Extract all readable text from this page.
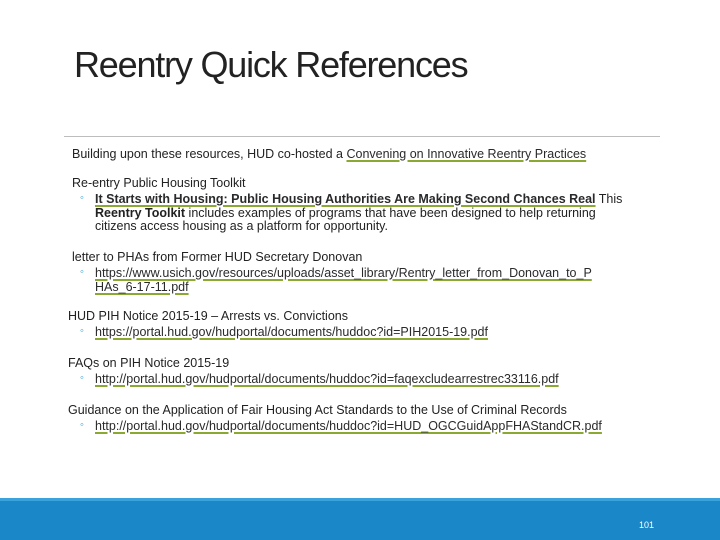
Reentry Quick References
Building upon these resources, HUD co-hosted a Convening on Innovative Reentry Practices
Re-entry Public Housing Toolkit
◦ It Starts with Housing: Public Housing Authorities Are Making Second Chances Real This
Reentry Toolkit includes examples of programs that have been designed to help returning
citizens access housing as a platform for opportunity.
letter to PHAs from Former HUD Secretary Donovan
◦ https://www.usich.gov/resources/uploads/asset_library/Rentry_letter_from_Donovan_to_P
HAs_6-17-11.pdf
HUD PIH Notice 2015-19 – Arrests vs. Convictions
◦ https://portal.hud.gov/hudportal/documents/huddoc?id=PIH2015-19.pdf
FAQs on PIH Notice 2015-19
◦ http://portal.hud.gov/hudportal/documents/huddoc?id=faqexcludearrestrec33116.pdf
Guidance on the Application of Fair Housing Act Standards to the Use of Criminal Records
◦ http://portal.hud.gov/hudportal/documents/huddoc?id=HUD_OGCGuidAppFHAStandCR.pdf
101
